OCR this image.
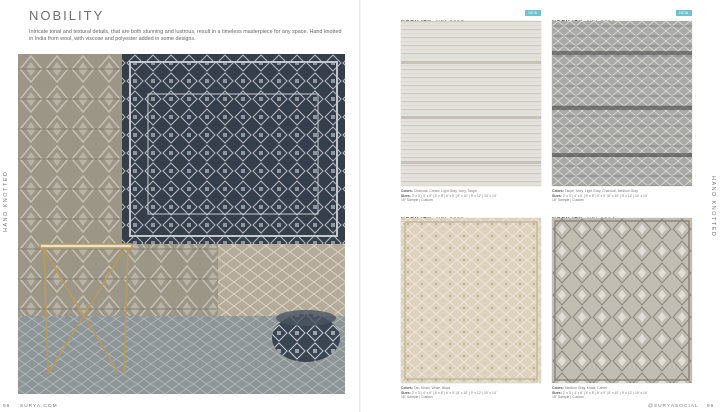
NOBILITY
Intricate tonal and textural details, that are both stunning and lustrous, result in a timeless masterpiece for any space. Hand knotted in India from wool, with viscose and polyester added in some designs.
HAND KNOTTED
98 SURYA.COM
HAND KNOTTED
NEW
Colors: Charcoal, Cream, Light Gray, Ivory, Taupe
Sizes: 2' x 3' | 4' x 6' | 5' x 8' | 6' x 9' | 8' x 10' | 9' x 12' | 10' x 14'
18" Sample | Custom
NEW
Colors: Taupe, Ivory, Light Gray, Charcoal, Medium Gray
Sizes: 2' x 3' | 4' x 6' | 5' x 8' | 6' x 9' | 8' x 10' | 9' x 12' | 10' x 14'
18" Sample | Custom
Colors: Tan, Khaki, White, Black
Sizes: 2' x 3' | 4' x 6' | 5' x 8' | 6' x 9' | 8' x 10' | 9' x 12' | 10' x 14'
18" Sample | Custom
Colors: Medium Gray, Khaki, Camel
Sizes: 2' x 3' | 4' x 6' | 5' x 8' | 6' x 9' | 8' x 10' | 9' x 12' | 10' x 14'
18" Sample | Custom
@SURYASOCIAL 99
